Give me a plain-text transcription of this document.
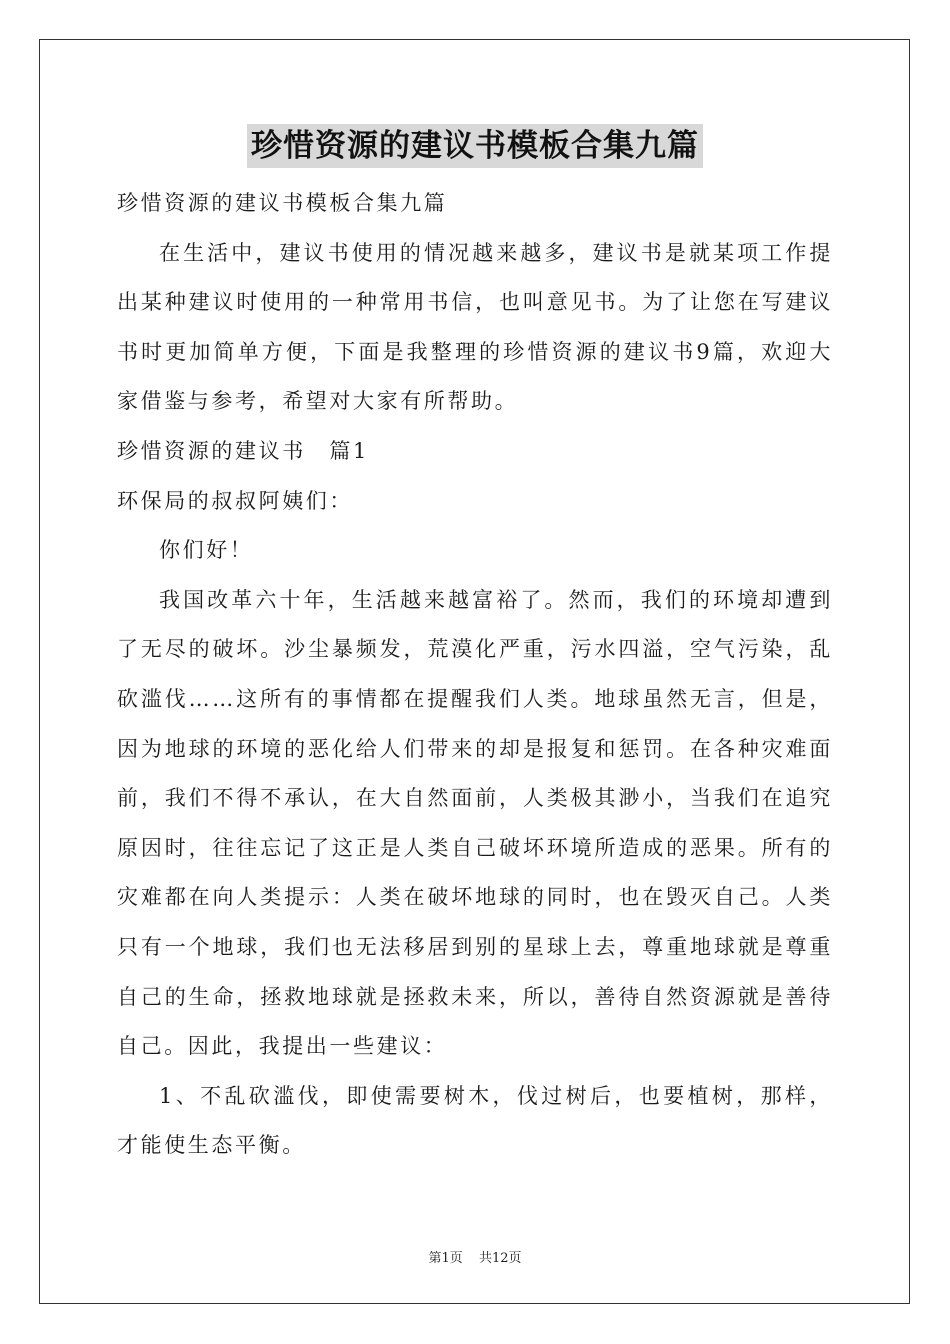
珍惜资源的建议书模板合集九篇

珍惜资源的建议书模板合集九篇

在生活中，建议书使用的情况越来越多，建议书是就某项工作提出某种建议时使用的一种常用书信，也叫意见书。为了让您在写建议书时更加简单方便，下面是我整理的珍惜资源的建议书9篇，欢迎大家借鉴与参考，希望对大家有所帮助。

珍惜资源的建议书　篇1

环保局的叔叔阿姨们：

你们好！

我国改革六十年，生活越来越富裕了。然而，我们的环境却遭到了无尽的破坏。沙尘暴频发，荒漠化严重，污水四溢，空气污染，乱砍滥伐……这所有的事情都在提醒我们人类。地球虽然无言，但是，因为地球的环境的恶化给人们带来的却是报复和惩罚。在各种灾难面前，我们不得不承认，在大自然面前，人类极其渺小，当我们在追究原因时，往往忘记了这正是人类自己破坏环境所造成的恶果。所有的灾难都在向人类提示：人类在破坏地球的同时，也在毁灭自己。人类只有一个地球，我们也无法移居到别的星球上去，尊重地球就是尊重自己的生命，拯救地球就是拯救未来，所以，善待自然资源就是善待自己。因此，我提出一些建议：

1、不乱砍滥伐，即使需要树木，伐过树后，也要植树，那样，才能使生态平衡。

第1页 共12页
